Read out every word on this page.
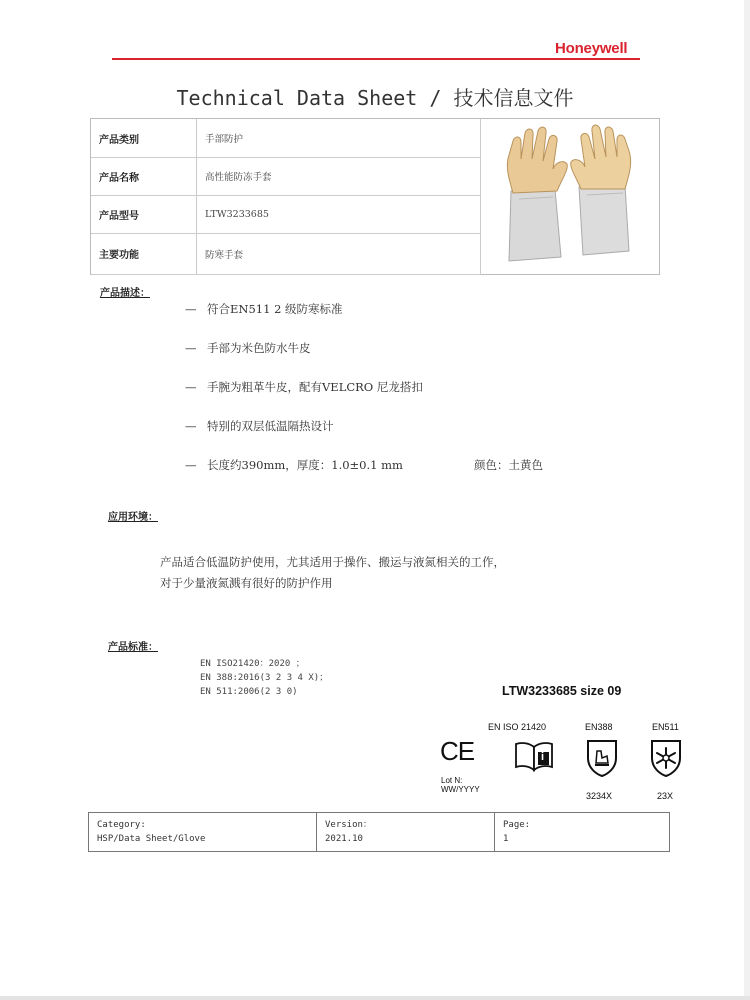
Honeywell
Technical Data Sheet / 技术信息文件
产品类别	手部防护
产品名称	高性能防冻手套
产品型号	LTW3233685
主要功能	防寒手套
产品描述：
— 符合EN511 2 级防寒标准
— 手部为米色防水牛皮
— 手腕为粗革牛皮，配有VELCRO 尼龙搭扣
— 特别的双层低温隔热设计
— 长度约390mm，厚度：1.0±0.1 mm	颜色：土黄色
应用环境：
产品适合低温防护使用，尤其适用于操作、搬运与液氮相关的工作，
对于少量液氮溅有很好的防护作用
产品标准：
EN ISO21420：2020 ；
EN 388:2016(3 2 3 4 X)；
EN 511:2006(2 3 0)	LTW3233685 size 09
EN ISO 21420	EN388	EN511
CE	i
Lot N:
WW/YYYY
3234X	23X
Category:
HSP/Data Sheet/Glove
Version：
2021.10
Page:
1
